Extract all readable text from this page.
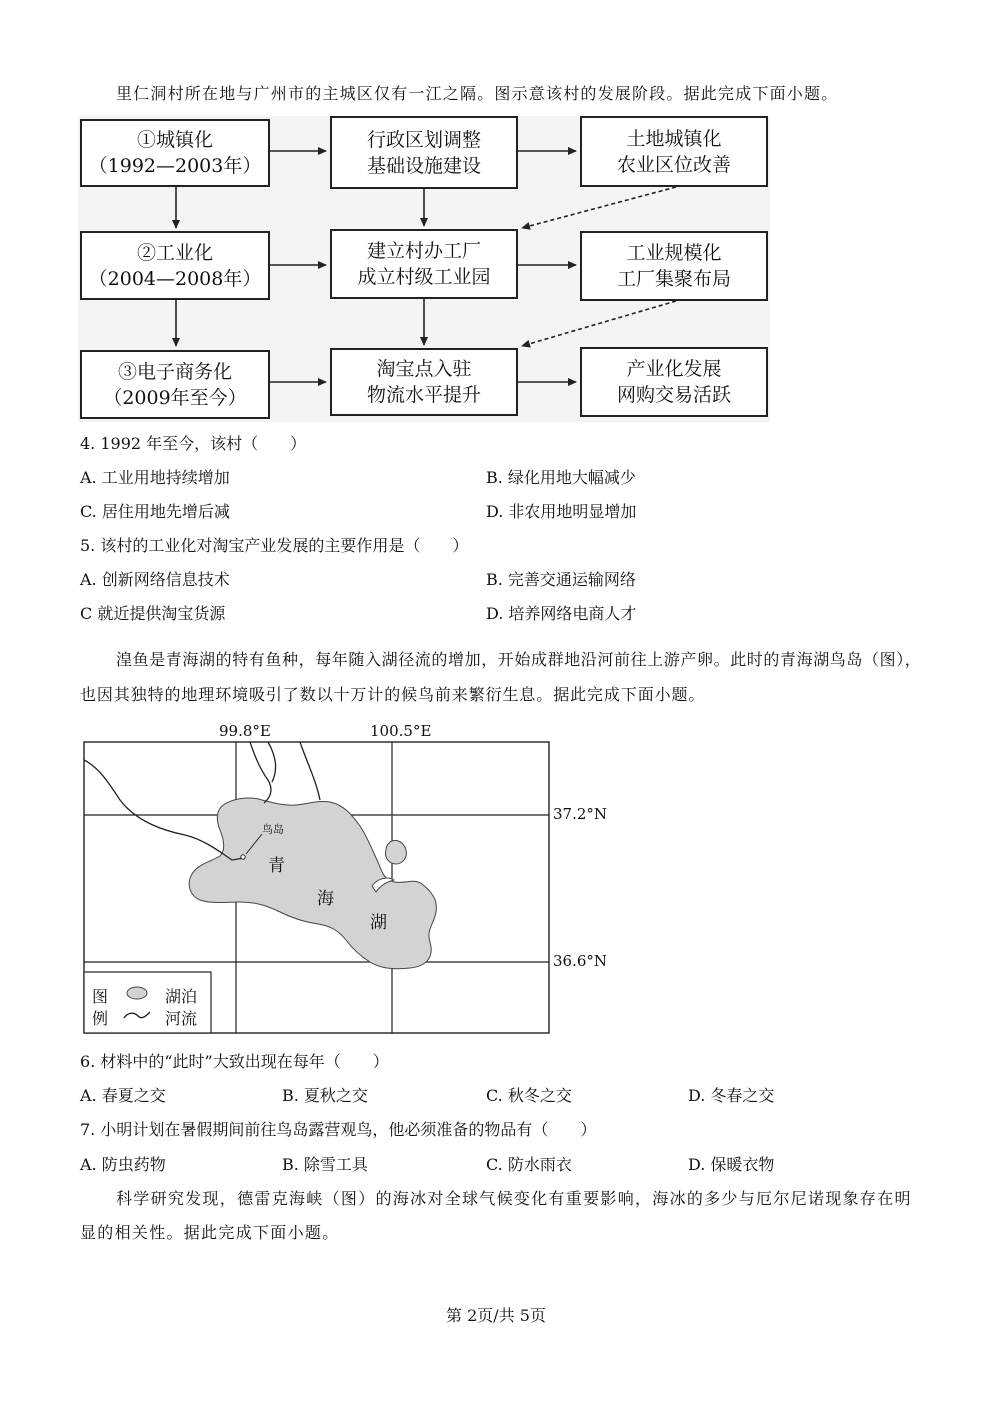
里仁洞村所在地与广州市的主城区仅有一江之隔。图示意该村的发展阶段。据此完成下面小题。
①城镇化
（1992—2003年）
②工业化
（2004—2008年）
③电子商务化
（2009年至今）
行政区划调整
基础设施建设
建立村办工厂
成立村级工业园
淘宝点入驻
物流水平提升
土地城镇化
农业区位改善
工业规模化
工厂集聚布局
产业化发展
网购交易活跃
4. 1992 年至今，该村（　　）
A. 工业用地持续增加	B. 绿化用地大幅减少
C. 居住用地先增后减	D. 非农用地明显增加
5. 该村的工业化对淘宝产业发展的主要作用是（　　）
A. 创新网络信息技术	B. 完善交通运输网络
C 就近提供淘宝货源	D. 培养网络电商人才
湟鱼是青海湖的特有鱼种，每年随入湖径流的增加，开始成群地沿河前往上游产卵。此时的青海湖鸟岛（图），
也因其独特的地理环境吸引了数以十万计的候鸟前来繁衍生息。据此完成下面小题。
99.8°E	100.5°E
37.2°N
36.6°N
鸟岛
青
海
湖
图
例
湖泊
河流
6. 材料中的“此时”大致出现在每年（　　）
A. 春夏之交	B. 夏秋之交	C. 秋冬之交	D. 冬春之交
7. 小明计划在暑假期间前往鸟岛露营观鸟，他必须准备的物品有（　　）
A. 防虫药物	B. 除雪工具	C. 防水雨衣	D. 保暖衣物
科学研究发现，德雷克海峡（图）的海冰对全球气候变化有重要影响，海冰的多少与厄尔尼诺现象存在明
显的相关性。据此完成下面小题。
第 2页/共 5页
